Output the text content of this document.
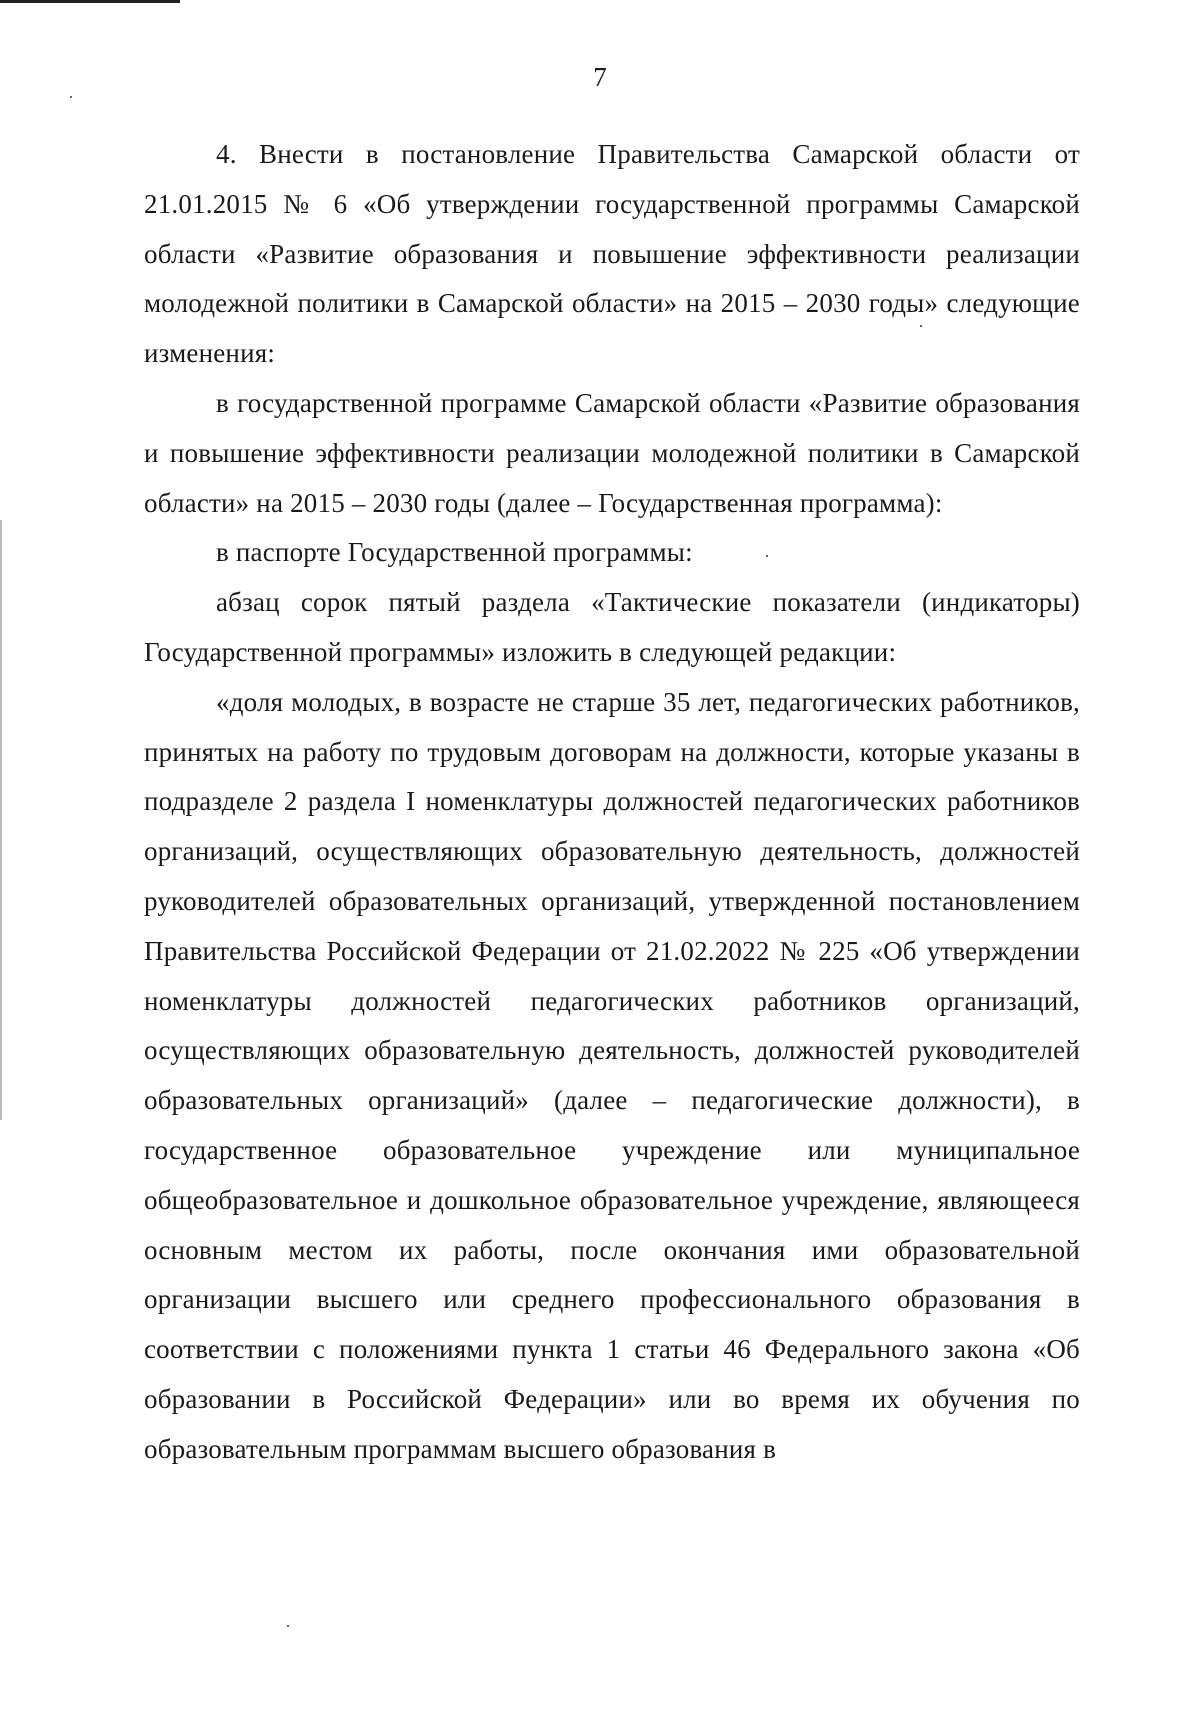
7

4. Внести в постановление Правительства Самарской области от 21.01.2015 № 6 «Об утверждении государственной программы Самарской области «Развитие образования и повышение эффективности реализации молодежной политики в Самарской области» на 2015 – 2030 годы» следующие изменения:

в государственной программе Самарской области «Развитие образования и повышение эффективности реализации молодежной политики в Самарской области» на 2015 – 2030 годы (далее – Государственная программа):

в паспорте Государственной программы:

абзац сорок пятый раздела «Тактические показатели (индикаторы) Государственной программы» изложить в следующей редакции:

«доля молодых, в возрасте не старше 35 лет, педагогических работников, принятых на работу по трудовым договорам на должности, которые указаны в подразделе 2 раздела I номенклатуры должностей педагогических работников организаций, осуществляющих образовательную деятельность, должностей руководителей образовательных организаций, утвержденной постановлением Правительства Российской Федерации от 21.02.2022 № 225 «Об утверждении номенклатуры должностей педагогических работников организаций, осуществляющих образовательную деятельность, должностей руководителей образовательных организаций» (далее – педагогические должности), в государственное образовательное учреждение или муниципальное общеобразовательное и дошкольное образовательное учреждение, являющееся основным местом их работы, после окончания ими образовательной организации высшего или среднего профессионального образования в соответствии с положениями пункта 1 статьи 46 Федерального закона «Об образовании в Российской Федерации» или во время их обучения по образовательным программам высшего образования в
